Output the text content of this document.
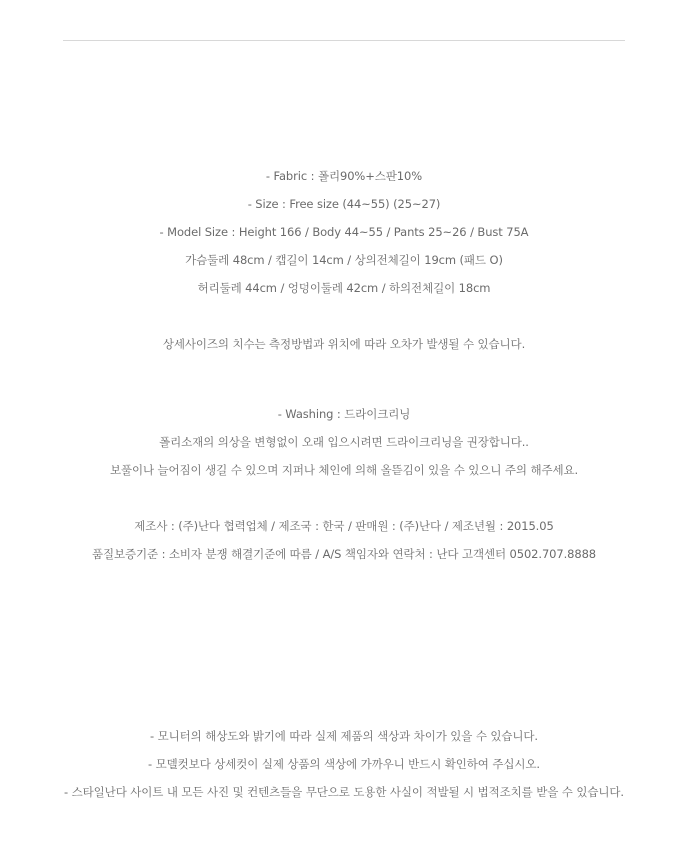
- Fabric : 폴리90%+스판10%
- Size : Free size (44~55) (25~27)
- Model Size : Height 166 / Body 44~55 / Pants 25~26 / Bust 75A
가슴둘레 48cm / 캡길이 14cm / 상의전체길이 19cm (패드 O)
허리둘레 44cm / 엉덩이둘레 42cm / 하의전체길이 18cm
상세사이즈의 치수는 측정방법과 위치에 따라 오차가 발생될 수 있습니다.
- Washing : 드라이크리닝
폴리소재의 의상을 변형없이 오래 입으시려면 드라이크리닝을 권장합니다..
보풀이나 늘어짐이 생길 수 있으며 지퍼나 체인에 의해 올뜯김이 있을 수 있으니 주의 해주세요.
제조사 : (주)난다 협력업체 / 제조국 : 한국 / 판매원 : (주)난다 / 제조년월 : 2015.05
품질보증기준 : 소비자 분쟁 해결기준에 따름 / A/S 책임자와 연락처 : 난다 고객센터 0502.707.8888
- 모니터의 해상도와 밝기에 따라 실제 제품의 색상과 차이가 있을 수 있습니다.
- 모델컷보다 상세컷이 실제 상품의 색상에 가까우니 반드시 확인하여 주십시오.
- 스타일난다 사이트 내 모든 사진 및 컨텐츠들을 무단으로 도용한 사실이 적발될 시 법적조치를 받을 수 있습니다.
